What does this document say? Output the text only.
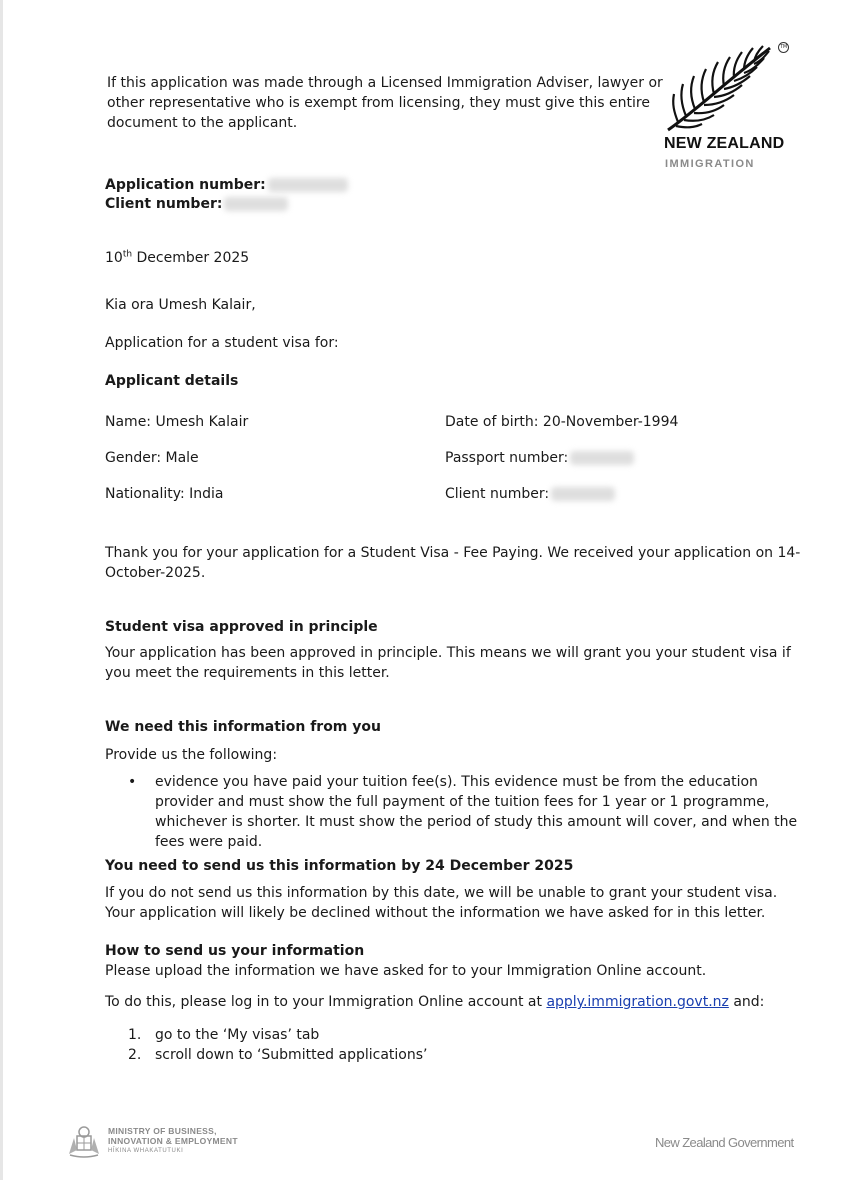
If this application was made through a Licensed Immigration Adviser, lawyer or
other representative who is exempt from licensing, they must give this entire
document to the applicant.
TM
NEW ZEALAND
IMMIGRATION
Application number:
Client number:
10th December 2025
Kia ora Umesh Kalair,
Application for a student visa for:
Applicant details
Name: Umesh Kalair	Date of birth: 20-November-1994
Gender: Male	Passport number:
Nationality: India	Client number:
Thank you for your application for a Student Visa - Fee Paying. We received your application on 14-
October-2025.
Student visa approved in principle
Your application has been approved in principle. This means we will grant you your student visa if
you meet the requirements in this letter.
We need this information from you
Provide us the following:
• evidence you have paid your tuition fee(s). This evidence must be from the education
provider and must show the full payment of the tuition fees for 1 year or 1 programme,
whichever is shorter. It must show the period of study this amount will cover, and when the
fees were paid.
You need to send us this information by 24 December 2025
If you do not send us this information by this date, we will be unable to grant your student visa.
Your application will likely be declined without the information we have asked for in this letter.
How to send us your information
Please upload the information we have asked for to your Immigration Online account.
To do this, please log in to your Immigration Online account at apply.immigration.govt.nz and:
1. go to the ‘My visas’ tab
2. scroll down to ‘Submitted applications’
MINISTRY OF BUSINESS,
INNOVATION & EMPLOYMENT
HĪKINA WHAKATUTUKI
New Zealand Government
